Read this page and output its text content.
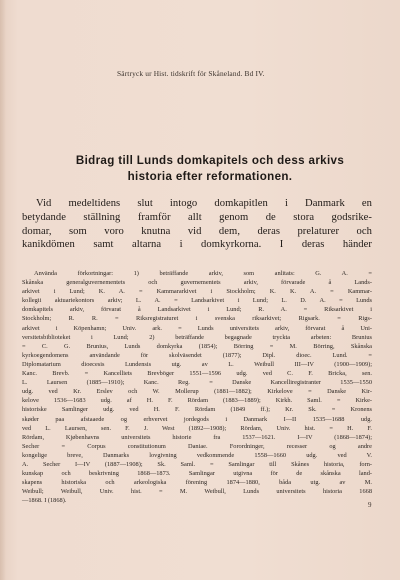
Särtryck ur Hist. tidskrift för Skåneland. Bd IV.
Bidrag till Lunds domkapitels och dess arkivs
historia efter reformationen.
Vid medeltidens slut intogo domkapitlen i Danmark en
betydande ställning framför allt genom de stora godsrike-
domar, som voro knutna vid dem, deras prelaturer och
kanikdömen samt altarna i domkyrkorna. I deras händer
Använda förkortningar: 1) beträffande arkiv, som anlitats: G. A. =
Skånska generalguvernementets och guvernementets arkiv, förvarade å Lands-
arkivet i Lund; K. A. = Kammararkivet i Stockholm; K. K. A. = Kammar-
kollegii aktuariekontors arkiv; L. A. = Landsarkivet i Lund; L. D. A. = Lunds
domkapitels arkiv, förvarat å Landsarkivet i Lund; R. A. = Riksarkivet i
Stockholm; R. R. = Riksregistraturet i svenska riksarkivet; Rigsark. = Rigs-
arkivet i Köpenhamn; Univ. ark. = Lunds universitets arkiv, förvarat å Uni-
versitetsbiblioteket i Lund; 2) beträffande begagnade tryckta arbeten: Brunius
= C. G. Brunius, Lunds domkyrka (1854); Börring = M. Börring, Skånska
kyrkoegendomens användande för skolväsendet (1877); Dipl. dioec. Lund. =
Diplomatarium dioecesis Lundensis utg. av L. Weibull III—IV (1900—1909);
Kanc. Brevb. = Kancelliets Brevböger 1551—1596 udg. ved C. F. Bricka, sen.
L. Laursen (1885—1910); Kanc. Reg. = Danske Kancelliregistranter 1535—1550
udg. ved Kr. Erslev och W. Mollerup (1881—1882); Kirkelove = Danske Kir-
kelove 1536—1683 udg. af H. F. Rördam (1883—1889); Kirkh. Saml. = Kirke-
historiske Samlinger udg. ved H. F. Rördam (1849 ff.); Kr. Sk. = Kronens
skøder paa afstaaede og erhvervet jordegods i Danmark I—II 1535—1688 udg.
ved L. Laursen, sen. F. J. West (1892—1908); Rördam, Univ. hist. = H. F.
Rördam, Kjøbenhavns universitets historie fra 1537—1621. I—IV (1868—1874);
Secher = Corpus constitutionum Daniae. Forordninger, recesser og andre
kongelige breve, Danmarks lovgivning vedkommende 1558—1660 udg. ved V.
A. Secher I—IV (1887—1908); Sk. Saml. = Samlingar till Skånes historia, forn-
kunskap och beskrivning 1868—1873. Samlingar utgivna för de skånska land-
skapens historiska och arkeologiska förening 1874—1880, båda utg. av M.
Weibull; Weibull, Univ. hist. = M. Weibull, Lunds universitets historia 1668
—1868. I (1868).
9
